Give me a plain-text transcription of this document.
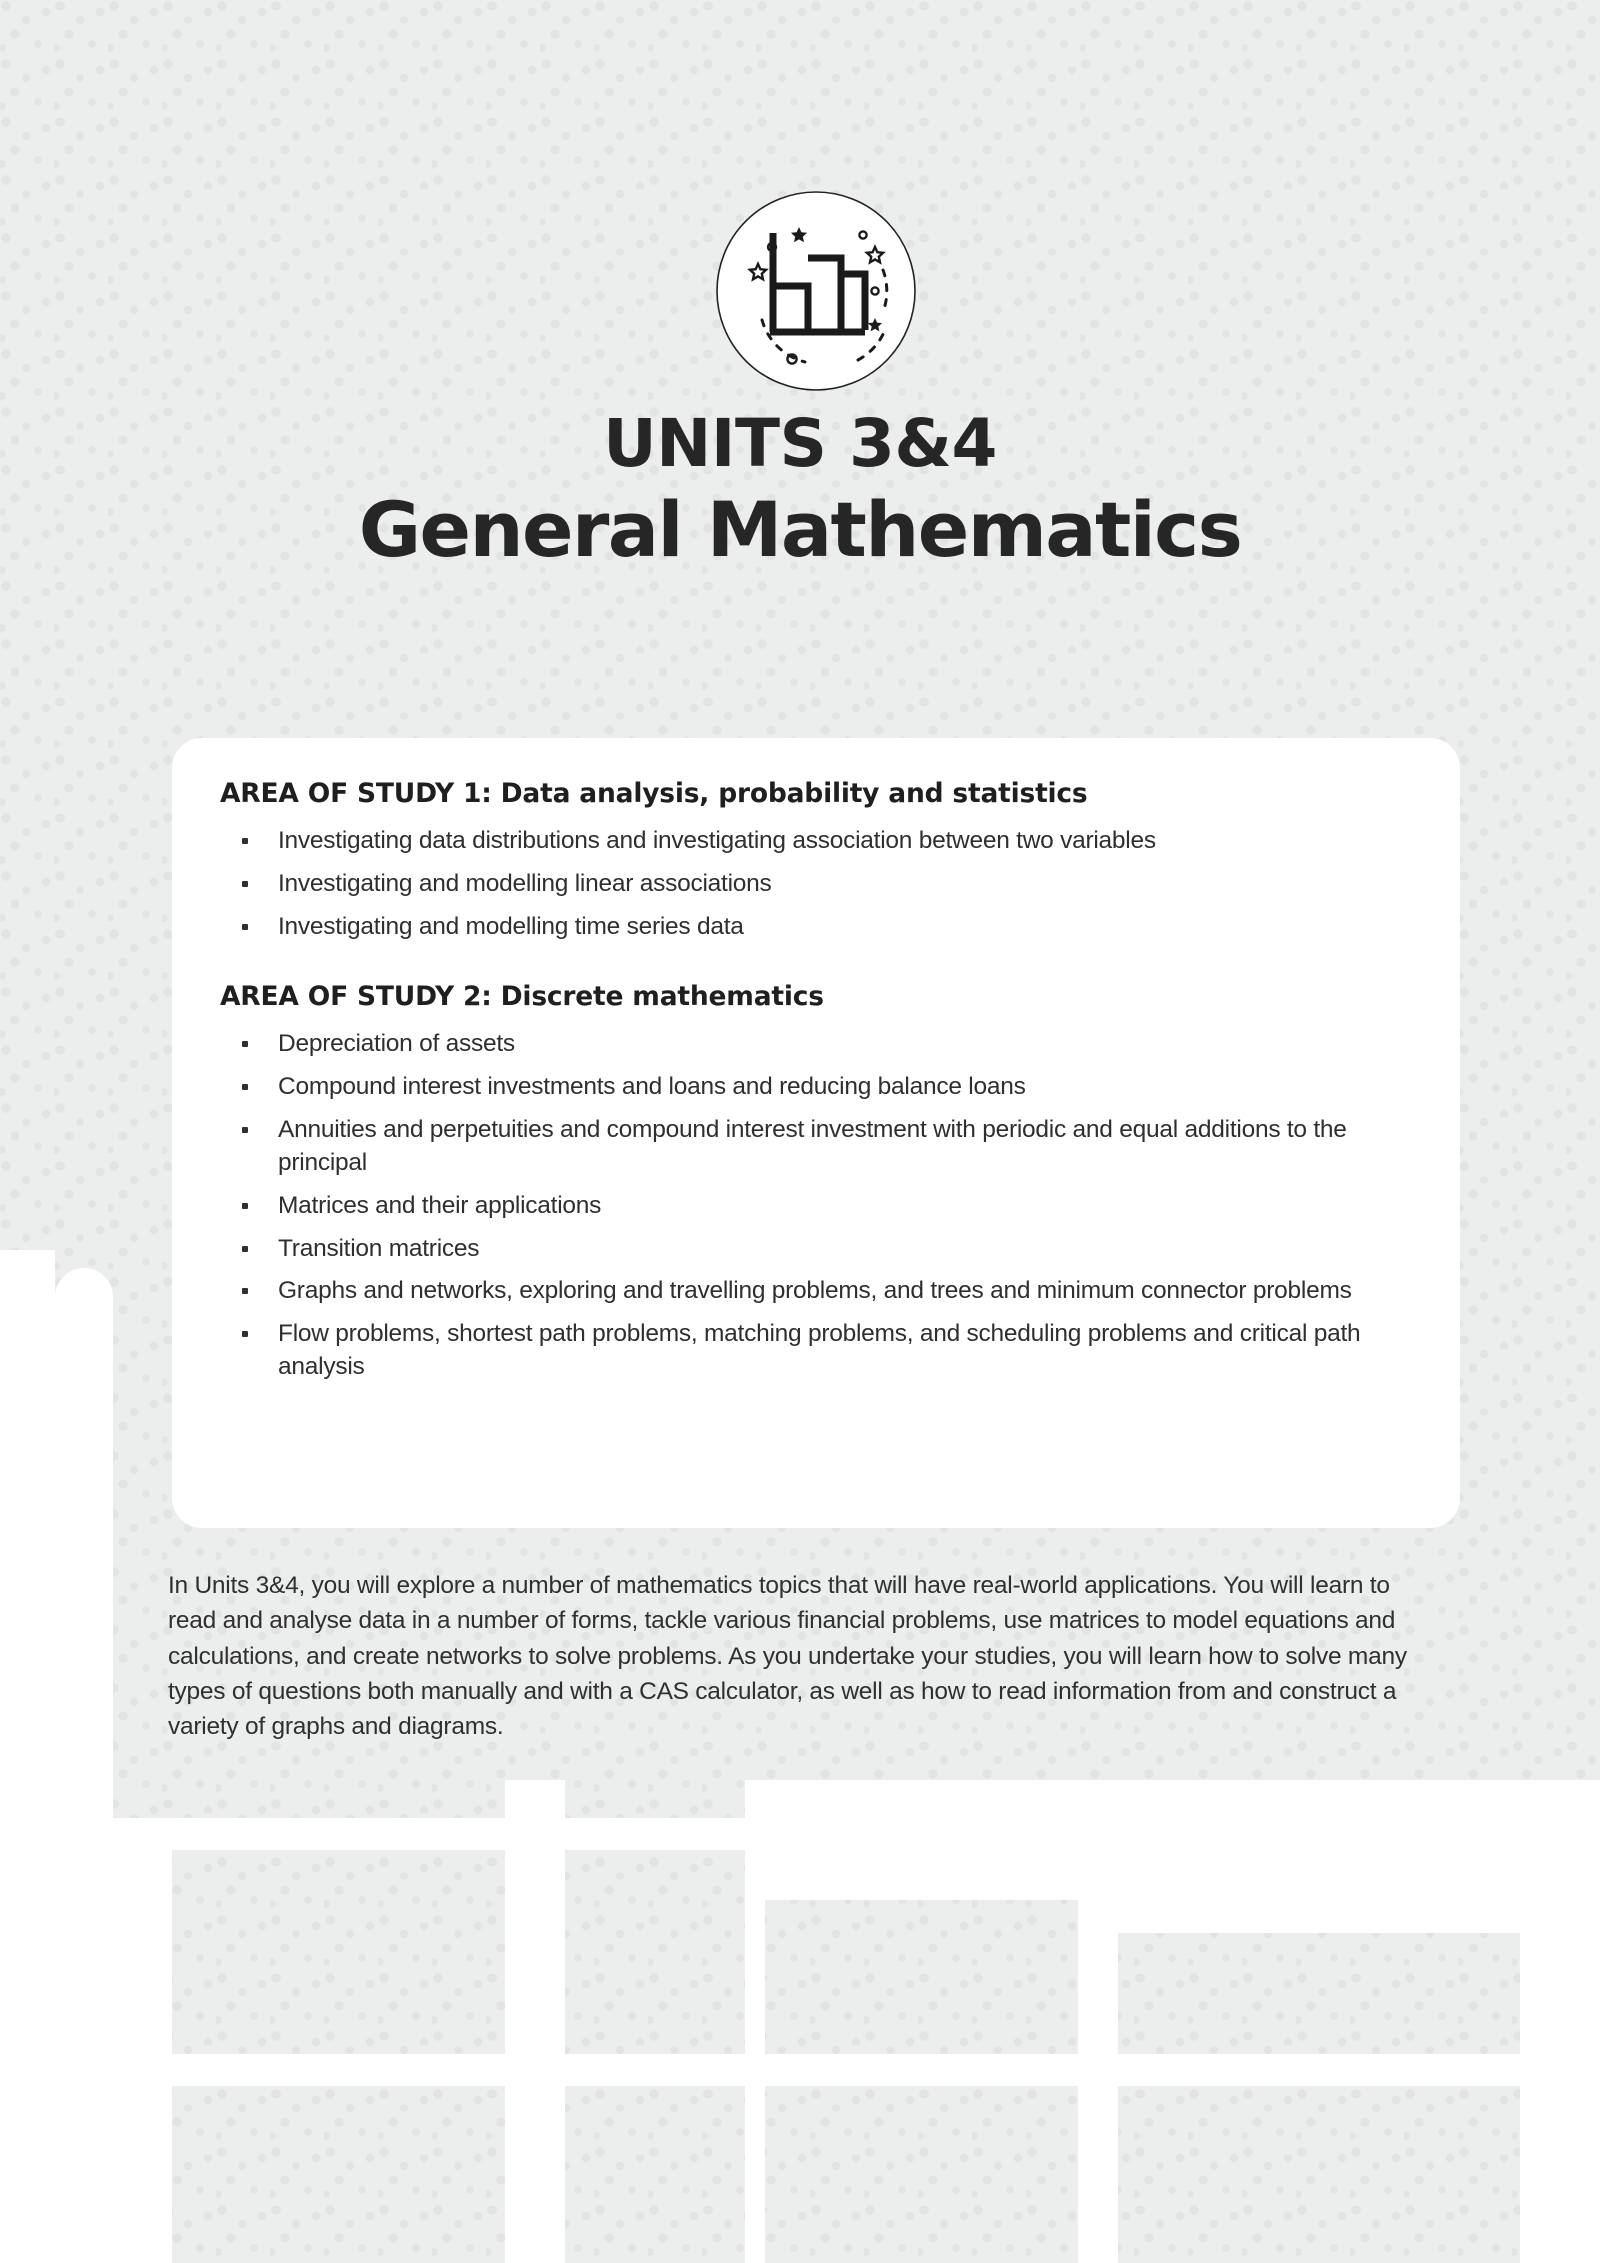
UNITS 3&4
General Mathematics
AREA OF STUDY 1: Data analysis, probability and statistics
Investigating data distributions and investigating association between two variables
Investigating and modelling linear associations
Investigating and modelling time series data
AREA OF STUDY 2: Discrete mathematics
Depreciation of assets
Compound interest investments and loans and reducing balance loans
Annuities and perpetuities and compound interest investment with periodic and equal additions to the principal
Matrices and their applications
Transition matrices
Graphs and networks, exploring and travelling problems, and trees and minimum connector problems
Flow problems, shortest path problems, matching problems, and scheduling problems and critical path analysis

In Units 3&4, you will explore a number of mathematics topics that will have real-world applications. You will learn to read and analyse data in a number of forms, tackle various financial problems, use matrices to model equations and calculations, and create networks to solve problems. As you undertake your studies, you will learn how to solve many types of questions both manually and with a CAS calculator, as well as how to read information from and construct a variety of graphs and diagrams.
